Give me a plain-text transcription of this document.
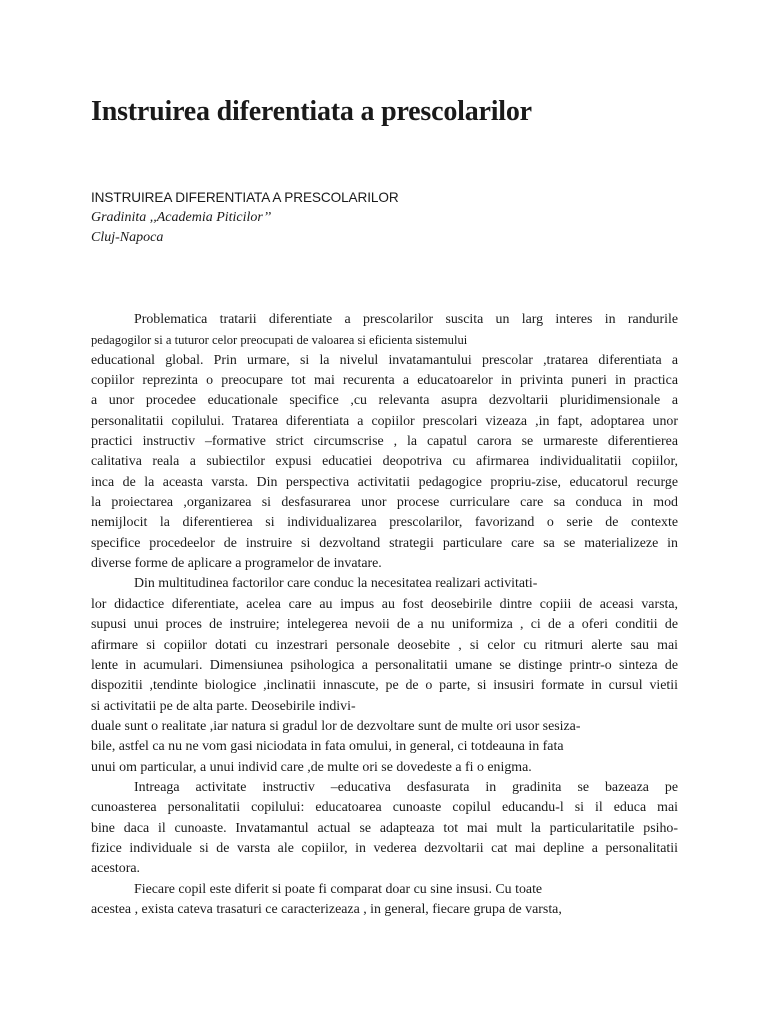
Instruirea diferentiata a prescolarilor

INSTRUIREA DIFERENTIATA A PRESCOLARILOR

Gradinita ,,Academia Piticilor’’

Cluj-Napoca

Problematica tratarii diferentiate a prescolarilor suscita un larg interes in randurile
pedagogilor si a tuturor celor preocupati de valoarea si eficienta sistemului
educational global. Prin urmare, si la nivelul invatamantului prescolar ,tratarea diferentiata a
copiilor reprezinta o preocupare tot mai recurenta a educatoarelor in privinta puneri in practica
a unor procedee educationale specifice ,cu relevanta asupra dezvoltarii pluridimensionale a
personalitatii copilului. Tratarea diferentiata a copiilor prescolari vizeaza ,in fapt, adoptarea unor
practici instructiv –formative strict circumscrise , la capatul carora se urmareste diferentierea
calitativa reala a subiectilor expusi educatiei deopotriva cu afirmarea individualitatii copiilor,
inca de la aceasta varsta. Din perspectiva activitatii pedagogice propriu-zise, educatorul recurge
la proiectarea ,organizarea si desfasurarea unor procese curriculare care sa conduca in mod
nemijlocit la diferentierea si individualizarea prescolarilor, favorizand o serie de contexte
specifice procedeelor de instruire si dezvoltand strategii particulare care sa se materializeze in
diverse forme de aplicare a programelor de invatare.
Din multitudinea factorilor care conduc la necesitatea realizari activitati-
lor didactice diferentiate, acelea care au impus au fost deosebirile dintre copiii de aceasi varsta,
supusi unui proces de instruire; intelegerea nevoii de a nu uniformiza , ci de a oferi conditii de
afirmare si copiilor dotati cu inzestrari personale deosebite , si celor cu ritmuri alerte sau mai
lente in acumulari. Dimensiunea psihologica a personalitatii umane se distinge printr-o sinteza de
dispozitii ,tendinte biologice ,inclinatii innascute, pe de o parte, si insusiri formate in cursul vietii
si activitatii pe de alta parte. Deosebirile indivi-
duale sunt o realitate ,iar natura si gradul lor de dezvoltare sunt de multe ori usor sesiza-
bile, astfel ca nu ne vom gasi niciodata in fata omului, in general, ci totdeauna in fata
unui om particular, a unui individ care ,de multe ori se dovedeste a fi o enigma.
Intreaga activitate instructiv –educativa desfasurata in gradinita se bazeaza pe
cunoasterea personalitatii copilului: educatoarea cunoaste copilul educandu-l si il educa mai
bine daca il cunoaste. Invatamantul actual se adapteaza tot mai mult la particularitatile psiho-
fizice individuale si de varsta ale copiilor, in vederea dezvoltarii cat mai depline a personalitatii
acestora.
Fiecare copil este diferit si poate fi comparat doar cu sine insusi. Cu toate
acestea , exista cateva trasaturi ce caracterizeaza , in general, fiecare grupa de varsta,
